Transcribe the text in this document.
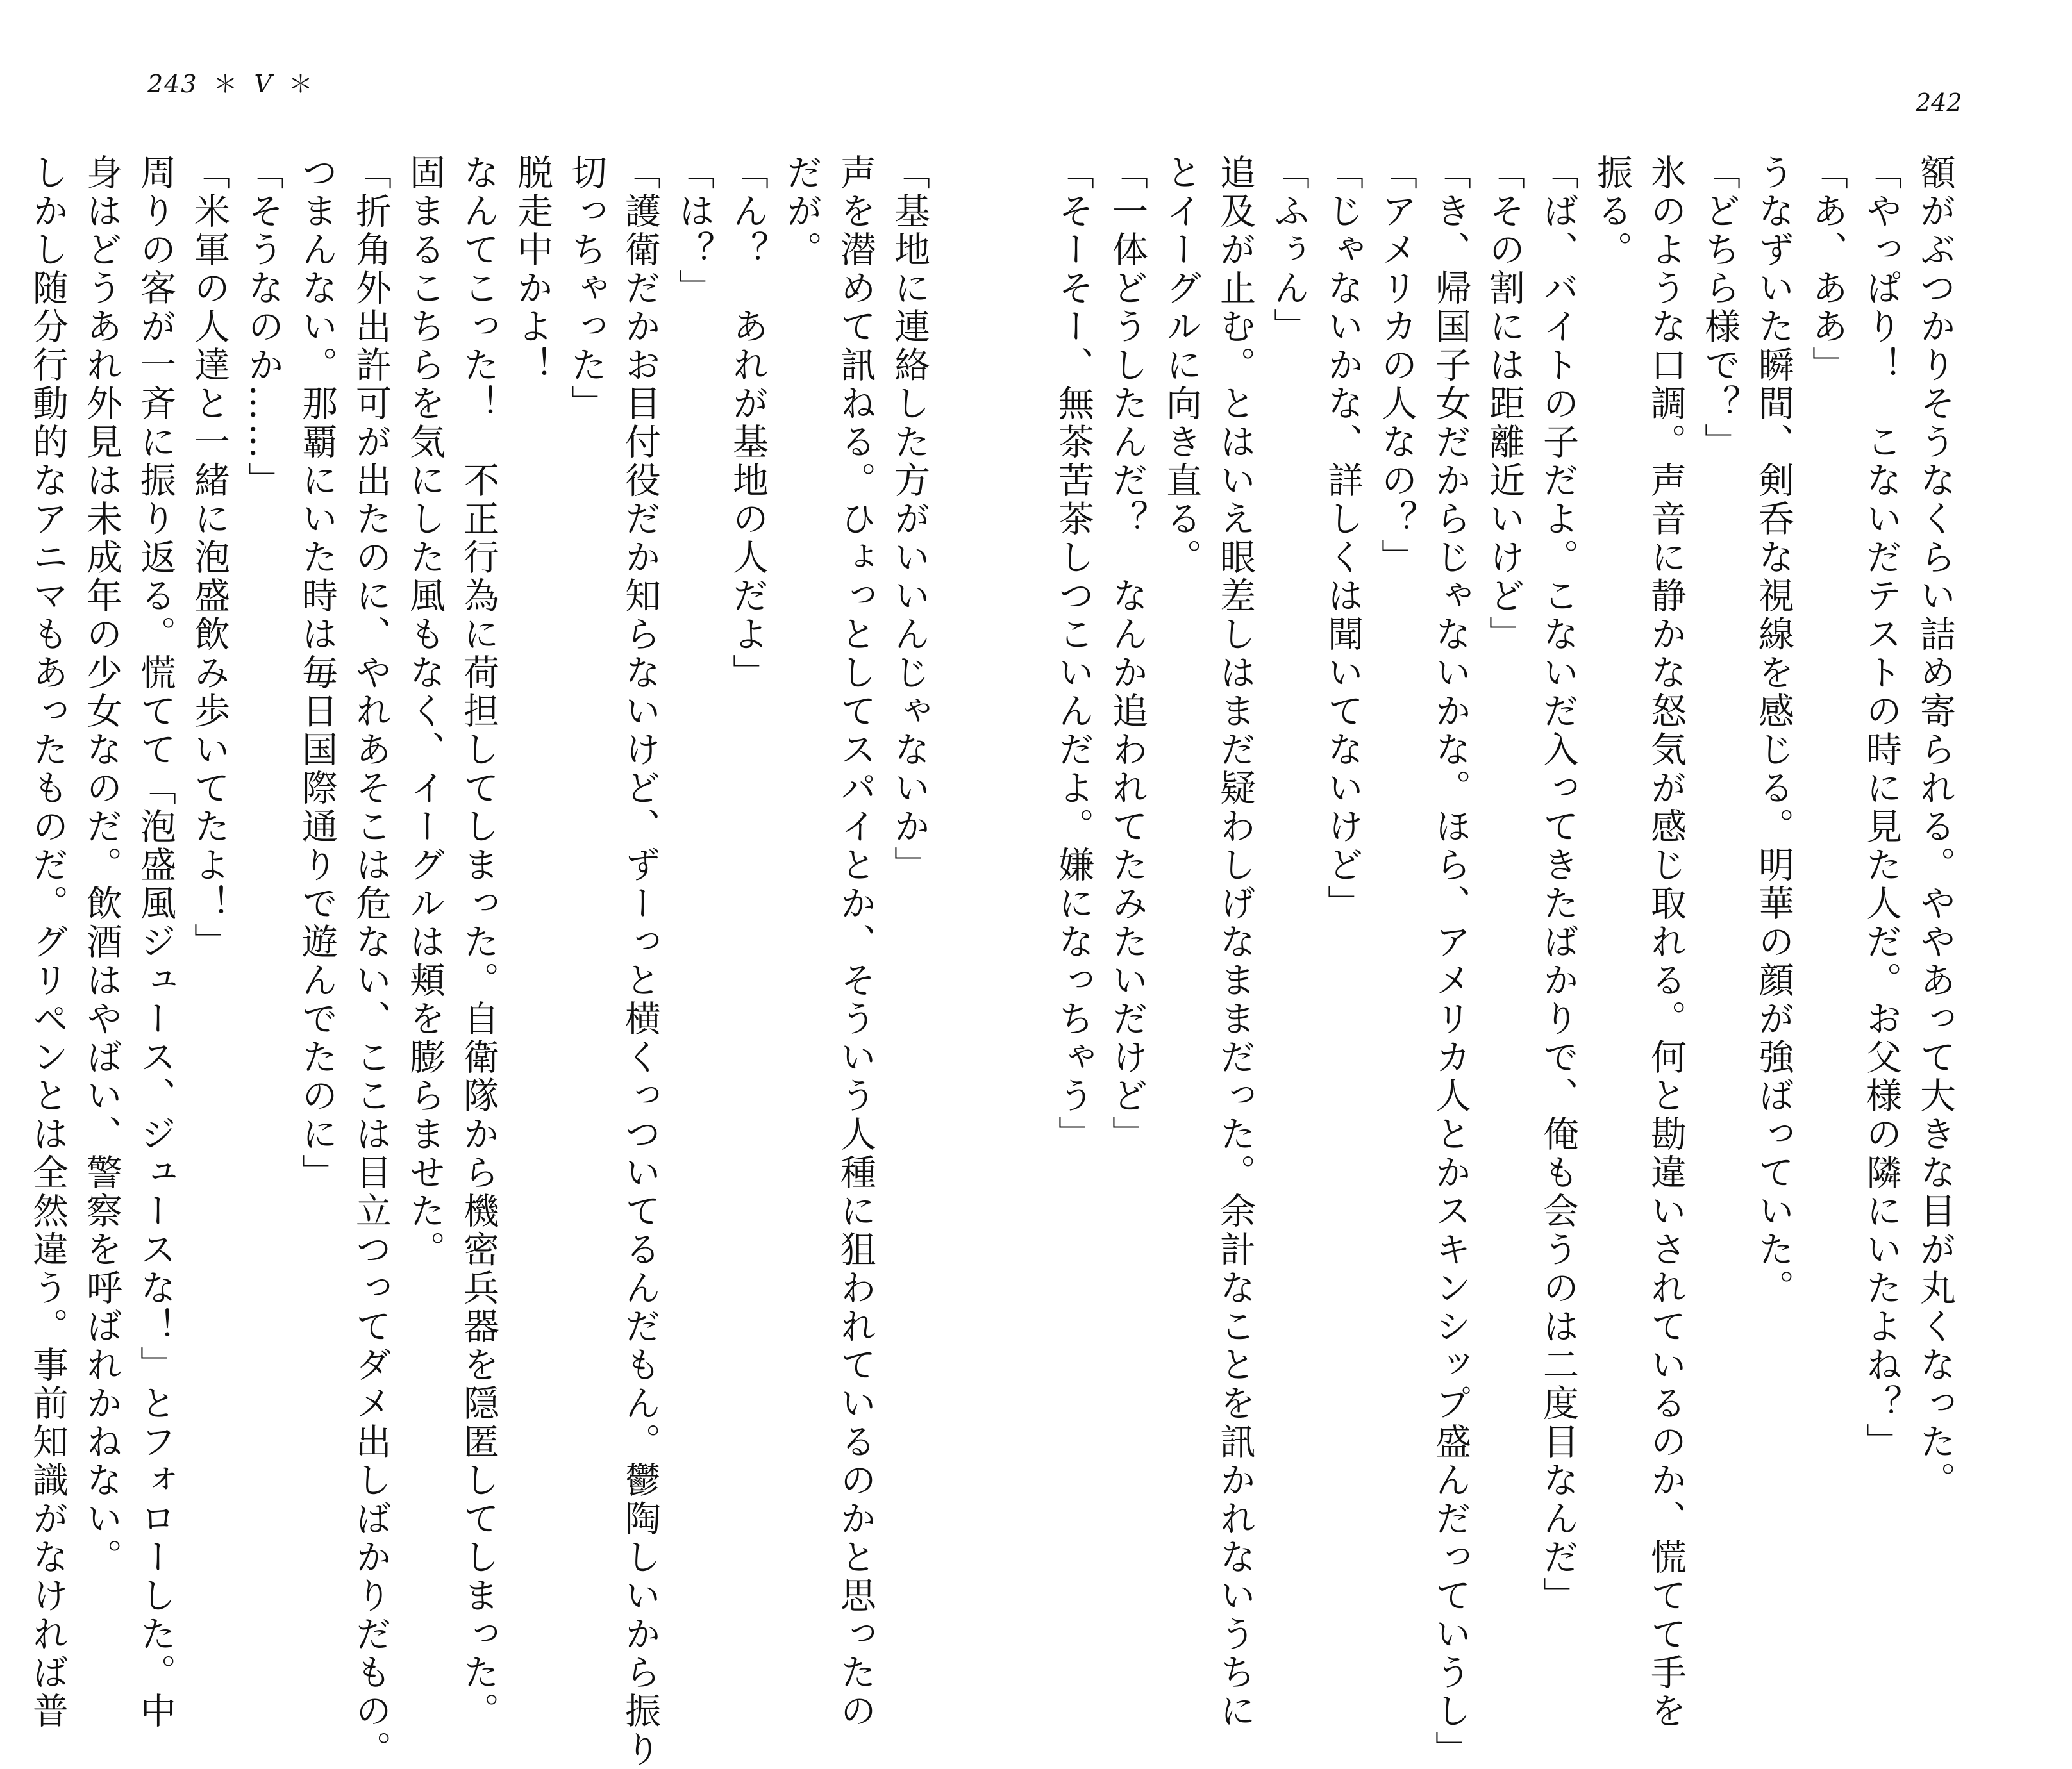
243 ＊ Ⅴ ＊
242

額がぶつかりそうなくらい詰め寄られる。ややあって大きな目が丸くなった。

「やっぱり！　こないだテストの時に見た人だ。お父様の隣にいたよね？」

「あ、ああ」

うなずいた瞬間、剣呑な視線を感じる。明華の顔が強ばっていた。

「どちら様で？」

氷のような口調。声音に静かな怒気が感じ取れる。何と勘違いされているのか、慌てて手を

振る。

「ば、バイトの子だよ。こないだ入ってきたばかりで、俺も会うのは二度目なんだ」

「その割には距離近いけど」

「き、帰国子女だからじゃないかな。ほら、アメリカ人とかスキンシップ盛んだっていうし」

「アメリカの人なの？」

「じゃないかな、詳しくは聞いてないけど」

「ふぅん」

追及が止む。とはいえ眼差しはまだ疑わしげなままだった。余計なことを訊かれないうちに

とイーグルに向き直る。

「一体どうしたんだ？　なんか追われてたみたいだけど」

「そーそー、無茶苦茶しつこいんだよ。嫌になっちゃう」

「基地に連絡した方がいいんじゃないか」

声を潜めて訊ねる。ひょっとしてスパイとか、そういう人種に狙われているのかと思ったの

だが。

「ん？　あれが基地の人だよ」

「は？」

「護衛だかお目付役だか知らないけど、ずーっと横くっついてるんだもん。鬱陶しいから振り

切っちゃった」

脱走中かよ！

なんてこった！　不正行為に荷担してしまった。自衛隊から機密兵器を隠匿してしまった。

固まるこちらを気にした風もなく、イーグルは頬を膨らませた。

「折角外出許可が出たのに、やれあそこは危ない、ここは目立つってダメ出しばかりだもの。

つまんない。那覇にいた時は毎日国際通りで遊んでたのに」

「そうなのか……」

「米軍の人達と一緒に泡盛飲み歩いてたよ！」

周りの客が一斉に振り返る。慌てて「泡盛風ジュース、ジュースな！」とフォローした。中

身はどうあれ外見は未成年の少女なのだ。飲酒はやばい、警察を呼ばれかねない。

しかし随分行動的なアニマもあったものだ。グリペンとは全然違う。事前知識がなければ普
